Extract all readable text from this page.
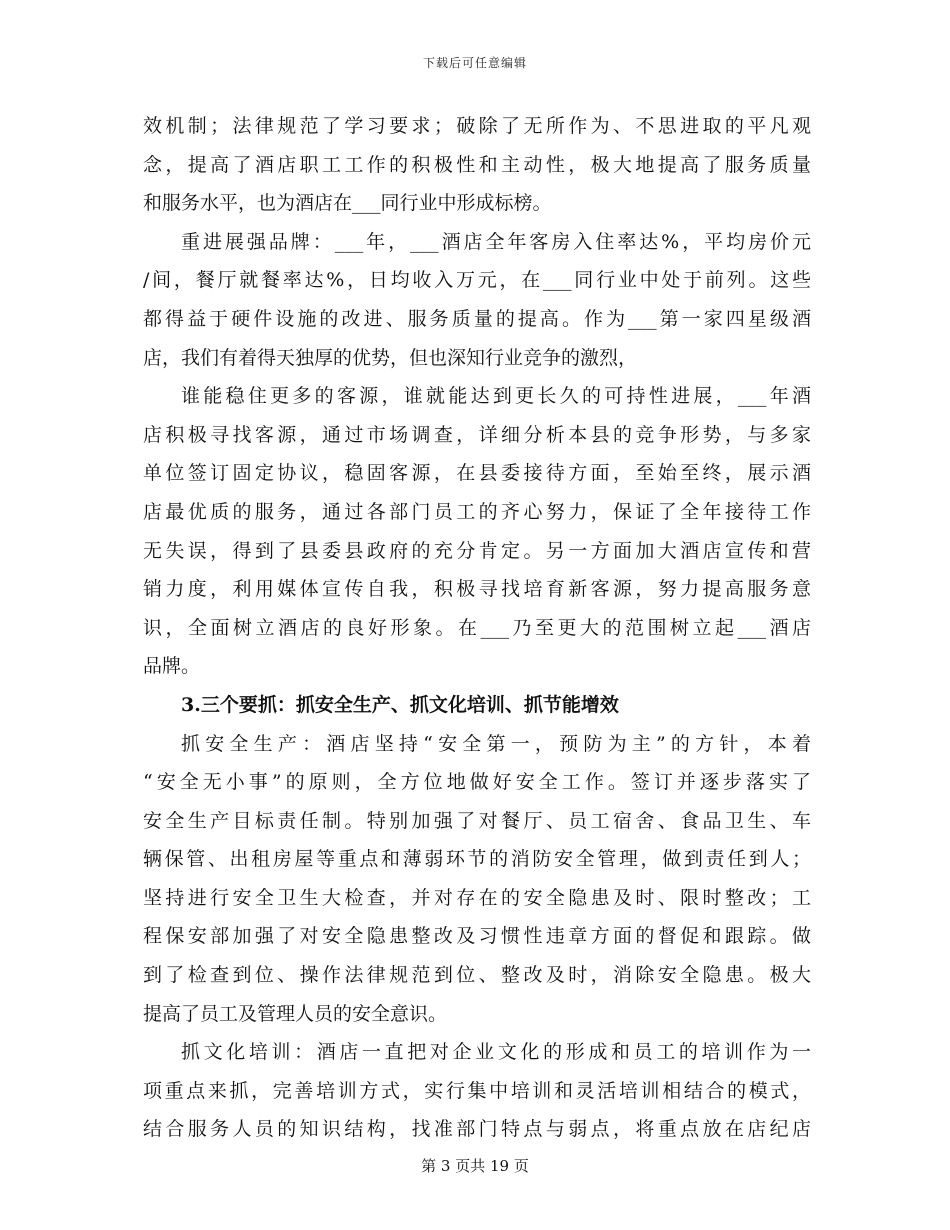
下载后可任意编辑
效机制；法律规范了学习要求；破除了无所作为、不思进取的平凡观
念，提高了酒店职工工作的积极性和主动性，极大地提高了服务质量
和服务水平，也为酒店在___同行业中形成标榜。
重进展强品牌：___年，___酒店全年客房入住率达%，平均房价元
/间，餐厅就餐率达%，日均收入万元，在___同行业中处于前列。这些
都得益于硬件设施的改进、服务质量的提高。作为___第一家四星级酒
店，我们有着得天独厚的优势，但也深知行业竞争的激烈，
谁能稳住更多的客源，谁就能达到更长久的可持性进展，___年酒
店积极寻找客源，通过市场调查，详细分析本县的竞争形势，与多家
单位签订固定协议，稳固客源，在县委接待方面，至始至终，展示酒
店最优质的服务，通过各部门员工的齐心努力，保证了全年接待工作
无失误，得到了县委县政府的充分肯定。另一方面加大酒店宣传和营
销力度，利用媒体宣传自我，积极寻找培育新客源，努力提高服务意
识，全面树立酒店的良好形象。在___乃至更大的范围树立起___酒店
品牌。
3.三个要抓：抓安全生产、抓文化培训、抓节能增效
抓安全生产：酒店坚持“安全第一，预防为主”的方针，本着
“安全无小事”的原则，全方位地做好安全工作。签订并逐步落实了
安全生产目标责任制。特别加强了对餐厅、员工宿舍、食品卫生、车
辆保管、出租房屋等重点和薄弱环节的消防安全管理，做到责任到人；
坚持进行安全卫生大检查，并对存在的安全隐患及时、限时整改；工
程保安部加强了对安全隐患整改及习惯性违章方面的督促和跟踪。做
到了检查到位、操作法律规范到位、整改及时，消除安全隐患。极大
提高了员工及管理人员的安全意识。
抓文化培训：酒店一直把对企业文化的形成和员工的培训作为一
项重点来抓，完善培训方式，实行集中培训和灵活培训相结合的模式，
结合服务人员的知识结构，找准部门特点与弱点，将重点放在店纪店
第 3 页共 19 页
